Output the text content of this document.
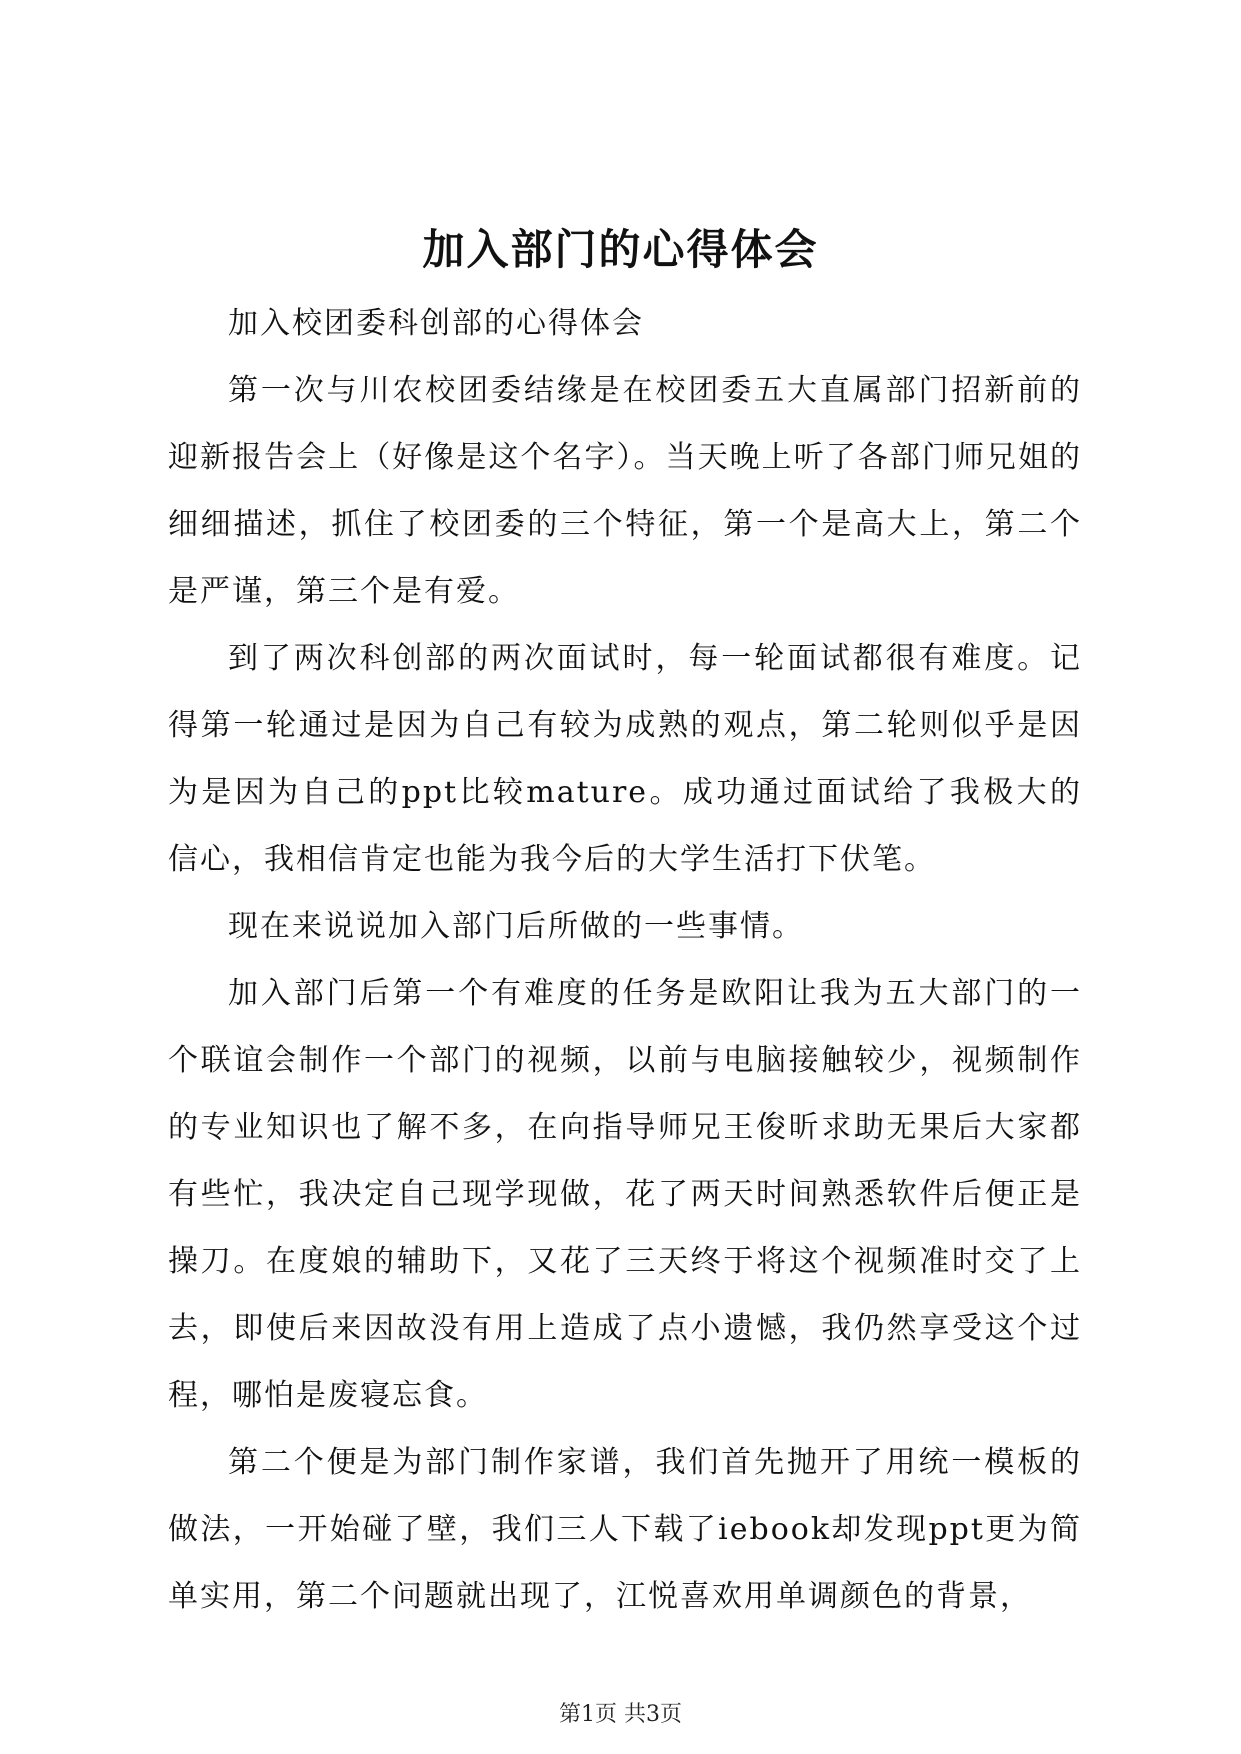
加入部门的心得体会

加入校团委科创部的心得体会

第一次与川农校团委结缘是在校团委五大直属部门招新前的迎新报告会上（好像是这个名字）。当天晚上听了各部门师兄姐的细细描述，抓住了校团委的三个特征，第一个是高大上，第二个是严谨，第三个是有爱。

到了两次科创部的两次面试时，每一轮面试都很有难度。记得第一轮通过是因为自己有较为成熟的观点，第二轮则似乎是因为是因为自己的ppt比较mature。成功通过面试给了我极大的信心，我相信肯定也能为我今后的大学生活打下伏笔。

现在来说说加入部门后所做的一些事情。

加入部门后第一个有难度的任务是欧阳让我为五大部门的一个联谊会制作一个部门的视频，以前与电脑接触较少，视频制作的专业知识也了解不多，在向指导师兄王俊昕求助无果后大家都有些忙，我决定自己现学现做，花了两天时间熟悉软件后便正是操刀。在度娘的辅助下，又花了三天终于将这个视频准时交了上去，即使后来因故没有用上造成了点小遗憾，我仍然享受这个过程，哪怕是废寝忘食。

第二个便是为部门制作家谱，我们首先抛开了用统一模板的做法，一开始碰了壁，我们三人下载了iebook却发现ppt更为简单实用，第二个问题就出现了，江悦喜欢用单调颜色的背景，

第1页 共3页
